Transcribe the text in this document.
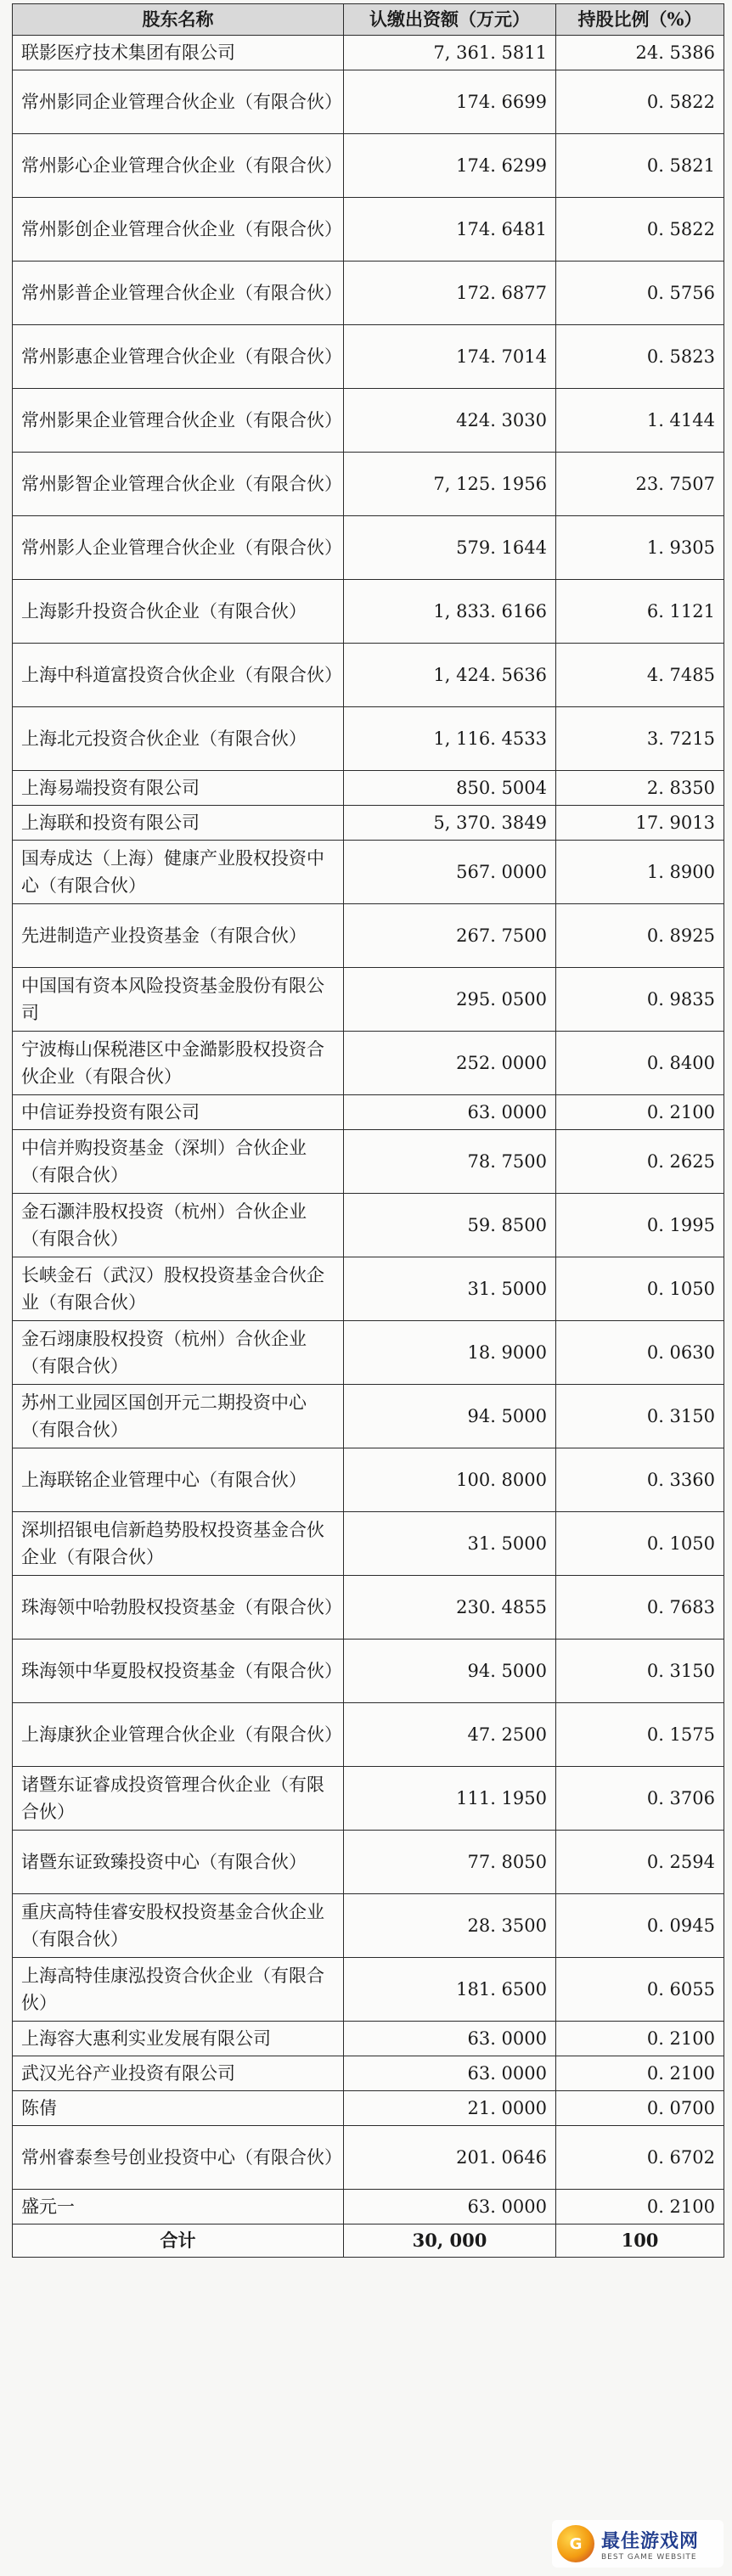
股东名称	认缴出资额（万元）	持股比例（%）
联影医疗技术集团有限公司	7, 361. 5811	24. 5386
常州影同企业管理合伙企业（有限合伙）	174. 6699	0. 5822
常州影心企业管理合伙企业（有限合伙）	174. 6299	0. 5821
常州影创企业管理合伙企业（有限合伙）	174. 6481	0. 5822
常州影普企业管理合伙企业（有限合伙）	172. 6877	0. 5756
常州影惠企业管理合伙企业（有限合伙）	174. 7014	0. 5823
常州影果企业管理合伙企业（有限合伙）	424. 3030	1. 4144
常州影智企业管理合伙企业（有限合伙）	7, 125. 1956	23. 7507
常州影人企业管理合伙企业（有限合伙）	579. 1644	1. 9305
上海影升投资合伙企业（有限合伙）	1, 833. 6166	6. 1121
上海中科道富投资合伙企业（有限合伙）	1, 424. 5636	4. 7485
上海北元投资合伙企业（有限合伙）	1, 116. 4533	3. 7215
上海易端投资有限公司	850. 5004	2. 8350
上海联和投资有限公司	5, 370. 3849	17. 9013
国寿成达（上海）健康产业股权投资中心（有限合伙）	567. 0000	1. 8900
先进制造产业投资基金（有限合伙）	267. 7500	0. 8925
中国国有资本风险投资基金股份有限公司	295. 0500	0. 9835
宁波梅山保税港区中金澔影股权投资合伙企业（有限合伙）	252. 0000	0. 8400
中信证券投资有限公司	63. 0000	0. 2100
中信并购投资基金（深圳）合伙企业（有限合伙）	78. 7500	0. 2625
金石灏沣股权投资（杭州）合伙企业（有限合伙）	59. 8500	0. 1995
长峡金石（武汉）股权投资基金合伙企业（有限合伙）	31. 5000	0. 1050
金石翊康股权投资（杭州）合伙企业（有限合伙）	18. 9000	0. 0630
苏州工业园区国创开元二期投资中心（有限合伙）	94. 5000	0. 3150
上海联铭企业管理中心（有限合伙）	100. 8000	0. 3360
深圳招银电信新趋势股权投资基金合伙企业（有限合伙）	31. 5000	0. 1050
珠海领中哈勃股权投资基金（有限合伙）	230. 4855	0. 7683
珠海领中华夏股权投资基金（有限合伙）	94. 5000	0. 3150
上海康狄企业管理合伙企业（有限合伙）	47. 2500	0. 1575
诸暨东证睿成投资管理合伙企业（有限合伙）	111. 1950	0. 3706
诸暨东证致臻投资中心（有限合伙）	77. 8050	0. 2594
重庆高特佳睿安股权投资基金合伙企业（有限合伙）	28. 3500	0. 0945
上海高特佳康泓投资合伙企业（有限合伙）	181. 6500	0. 6055
上海容大惠利实业发展有限公司	63. 0000	0. 2100
武汉光谷产业投资有限公司	63. 0000	0. 2100
陈倩	21. 0000	0. 0700
常州睿泰叁号创业投资中心（有限合伙）	201. 0646	0. 6702
盛元一	63. 0000	0. 2100
合计	30, 000	100
G	最佳游戏网
BEST GAME WEBSITE
